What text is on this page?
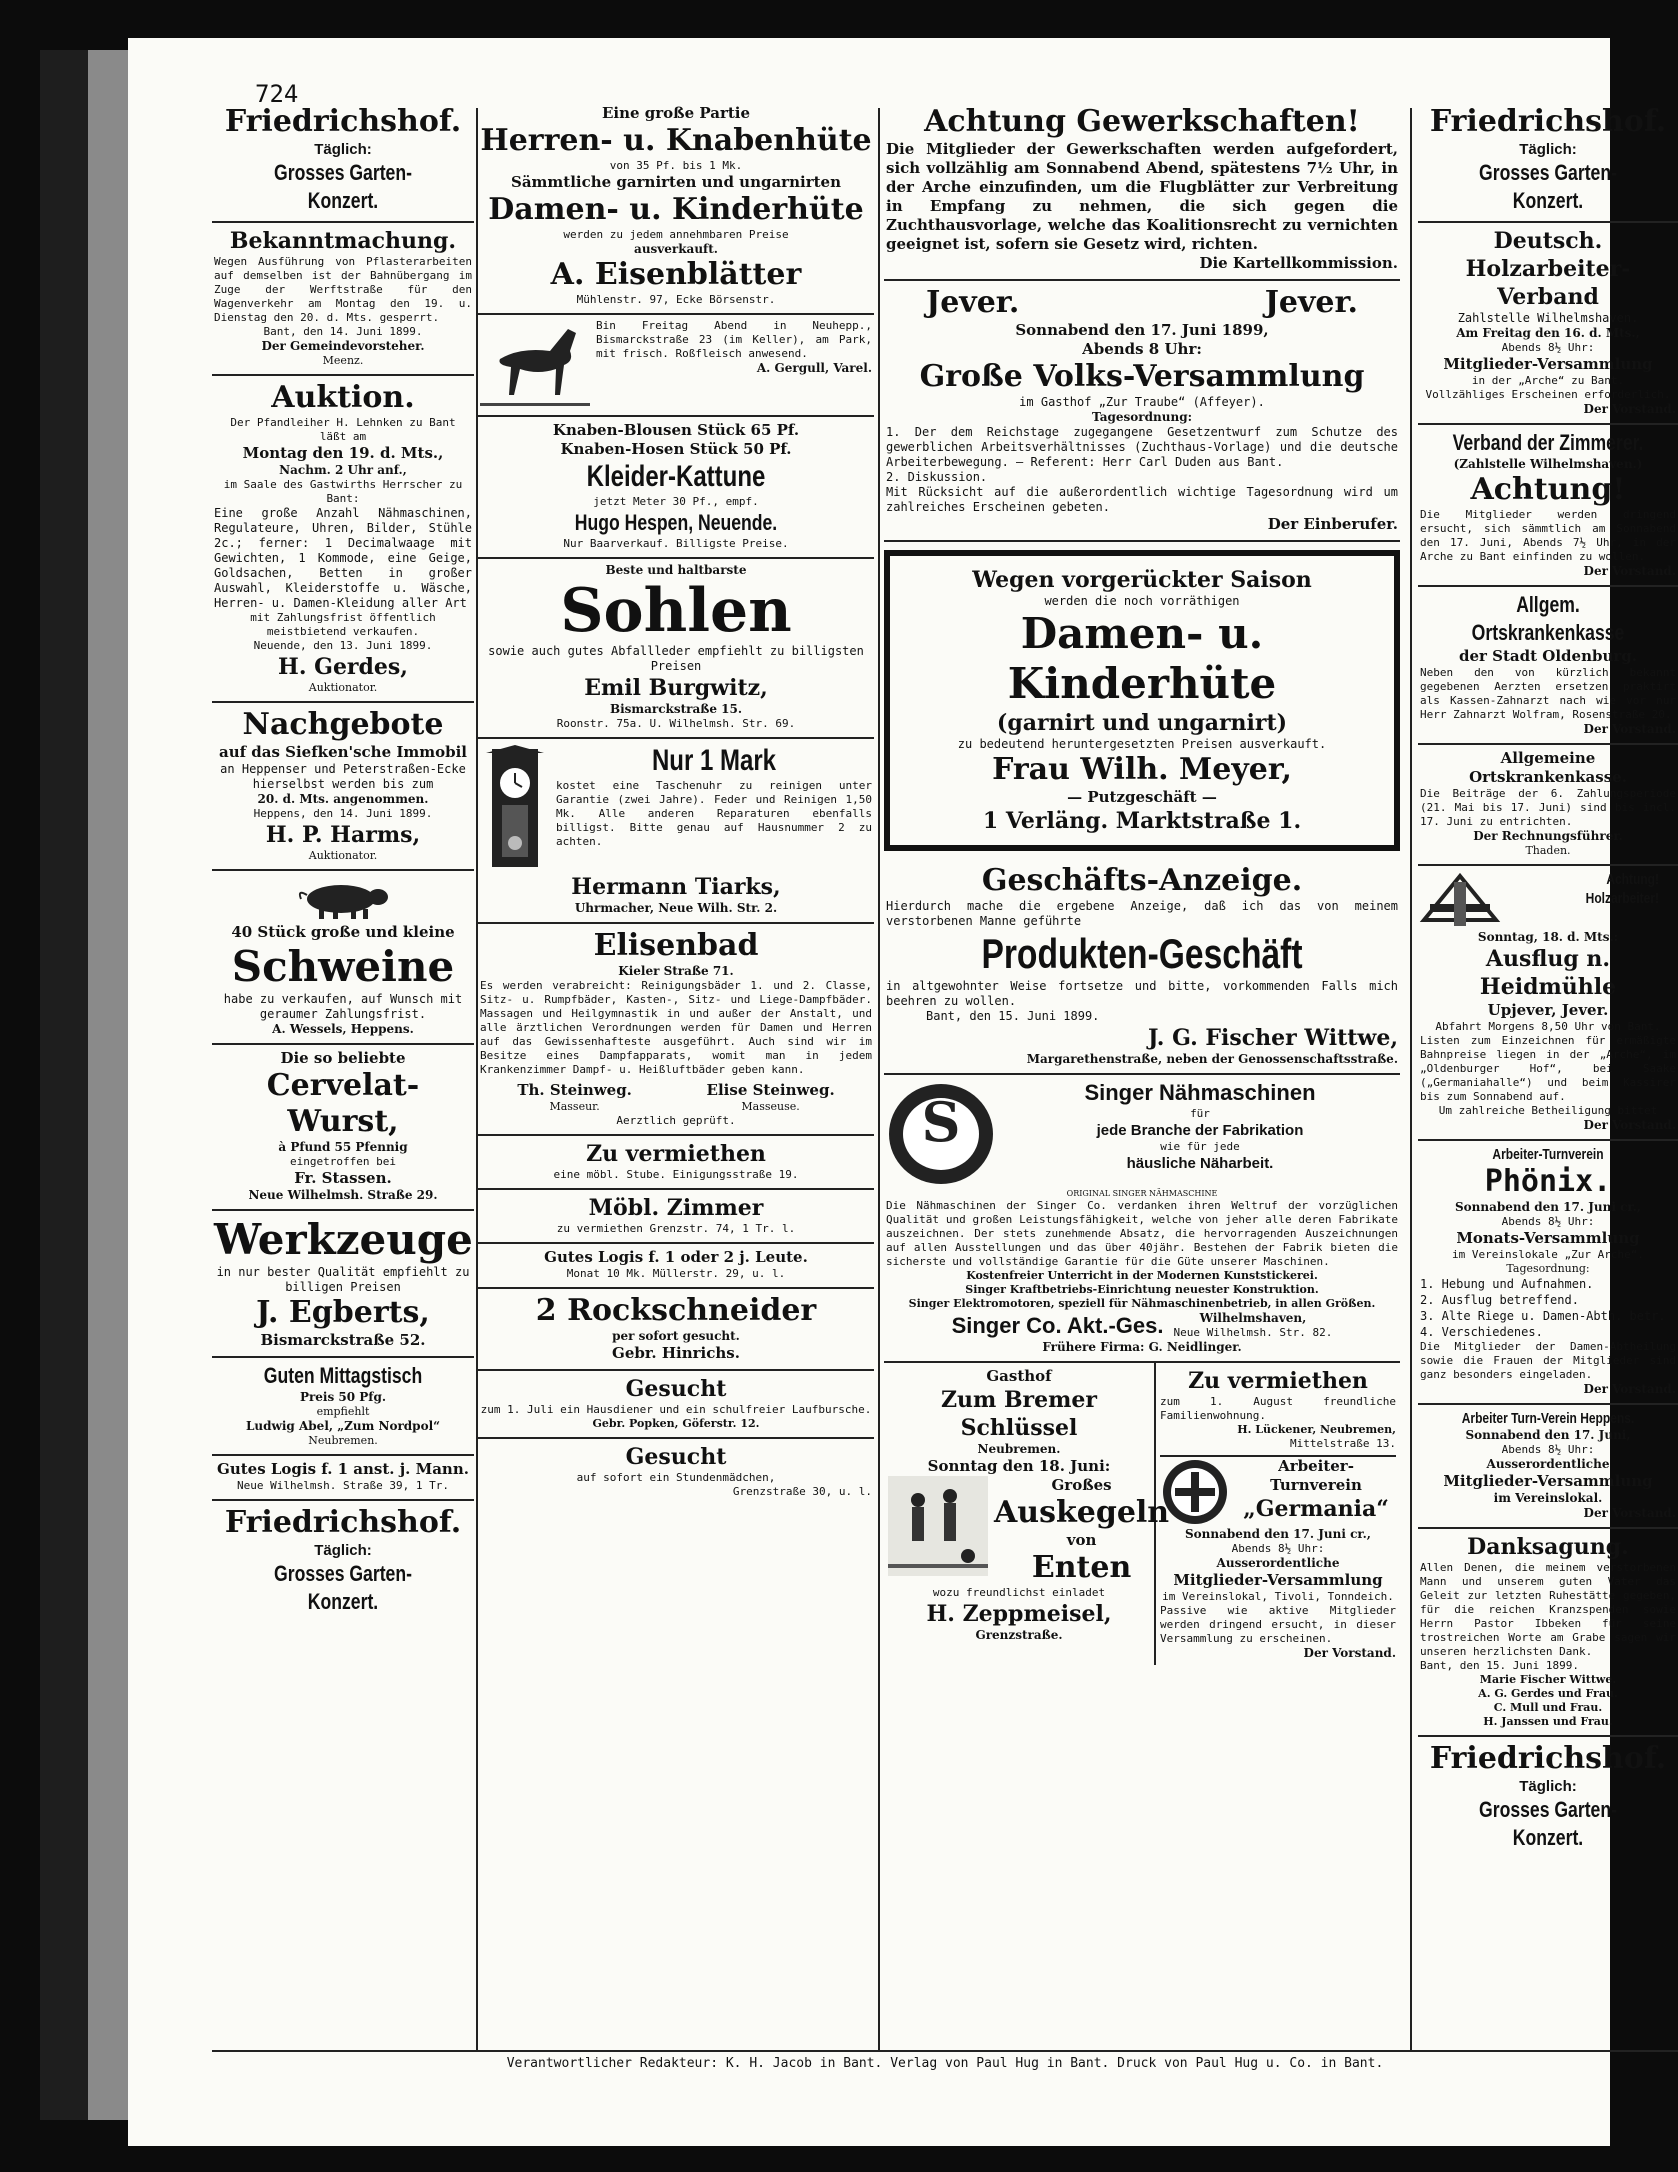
724
Friedrichshof.
Täglich:
Grosses Garten-Konzert.
Bekanntmachung.

Wegen Ausführung von Pflasterarbeiten auf demselben ist der Bahnübergang im Zuge der Werftstraße für den Wagenverkehr am Montag den 19. u. Dienstag den 20. d. Mts. gesperrt.

Bant, den 14. Juni 1899.

Der Gemeindevorsteher.

Meenz.

Auktion.

Der Pfandleiher H. Lehnken zu Bant läßt am

Montag den 19. d. Mts.,

Nachm. 2 Uhr anf.,

im Saale des Gastwirths Herrscher zu Bant:

Eine große Anzahl Nähmaschinen, Regulateure, Uhren, Bilder, Stühle 2c.; ferner: 1 Decimalwaage mit Gewichten, 1 Kommode, eine Geige, Goldsachen, Betten in großer Auswahl, Kleiderstoffe u. Wäsche, Herren- u. Damen-Kleidung aller Art

mit Zahlungsfrist öffentlich meistbietend verkaufen.

Neuende, den 13. Juni 1899.

H. Gerdes,

Auktionator.

Nachgebote

auf das Siefken'sche Immobil

an Heppenser und Peterstraßen-Ecke hierselbst werden bis zum

20. d. Mts. angenommen.

Heppens, den 14. Juni 1899.

H. P. Harms,

Auktionator.

40 Stück große und kleine

Schweine

habe zu verkaufen, auf Wunsch mit geraumer Zahlungsfrist.

A. Wessels, Heppens.

Die so beliebte

Cervelat-Wurst,

à Pfund 55 Pfennig

eingetroffen bei

Fr. Stassen.

Neue Wilhelmsh. Straße 29.

Werkzeuge

in nur bester Qualität empfiehlt zu billigen Preisen

J. Egberts,

Bismarckstraße 52.

Guten Mittagstisch

Preis 50 Pfg.

empfiehlt

Ludwig Abel, „Zum Nordpol“

Neubremen.

Gutes Logis f. 1 anst. j. Mann.

Neue Wilhelmsh. Straße 39, 1 Tr.

Friedrichshof.
Täglich:
Grosses Garten-Konzert.

Eine große Partie

Herren- u. Knabenhüte

von 35 Pf. bis 1 Mk.

Sämmtliche garnirten und ungarnirten

Damen- u. Kinderhüte

werden zu jedem annehmbaren Preise

ausverkauft.

A. Eisenblätter

Mühlenstr. 97, Ecke Börsenstr.

Bin Freitag Abend in Neuhepp., Bismarckstraße 23 (im Keller), am Park, mit frisch. Roßfleisch anwesend.

A. Gergull, Varel.

Knaben-Blousen Stück 65 Pf.

Knaben-Hosen Stück 50 Pf.

Kleider-Kattune

jetzt Meter 30 Pf., empf.

Hugo Hespen, Neuende.

Nur Baarverkauf. Billigste Preise.

Beste und haltbarste

Sohlen

sowie auch gutes Abfallleder empfiehlt zu billigsten Preisen

Emil Burgwitz,

Bismarckstraße 15.

Roonstr. 75a. U. Wilhelmsh. Str. 69.

Nur 1 Mark

kostet eine Taschenuhr zu reinigen unter Garantie (zwei Jahre). Feder und Reinigen 1,50 Mk. Alle anderen Reparaturen ebenfalls billigst. Bitte genau auf Hausnummer 2 zu achten.

Hermann Tiarks,

Uhrmacher, Neue Wilh. Str. 2.

Elisenbad

Kieler Straße 71.

Es werden verabreicht: Reinigungsbäder 1. und 2. Classe, Sitz- u. Rumpfbäder, Kasten-, Sitz- und Liege-Dampfbäder. Massagen und Heilgymnastik in und außer der Anstalt, und alle ärztlichen Verordnungen werden für Damen und Herren auf das Gewissenhafteste ausgeführt. Auch sind wir im Besitze eines Dampfapparats, womit man in jedem Krankenzimmer Dampf- u. Heißluftbäder geben kann.

Th. Steinweg.

Masseur.

Elise Steinweg.

Masseuse.

Aerztlich geprüft.

Zu vermiethen

eine möbl. Stube. Einigungsstraße 19.

Möbl. Zimmer

zu vermiethen Grenzstr. 74, 1 Tr. l.

Gutes Logis f. 1 oder 2 j. Leute.

Monat 10 Mk. Müllerstr. 29, u. l.

2 Rockschneider

per sofort gesucht.

Gebr. Hinrichs.

Gesucht

zum 1. Juli ein Hausdiener und ein schulfreier Laufbursche.

Gebr. Popken, Göferstr. 12.

Gesucht

auf sofort ein Stundenmädchen,

Grenzstraße 30, u. l.

Achtung Gewerkschaften!

Die Mitglieder der Gewerkschaften werden aufgefordert, sich vollzählig am Sonnabend Abend, spätestens 7½ Uhr, in der Arche einzufinden, um die Flugblätter zur Verbreitung in Empfang zu nehmen, die sich gegen die Zuchthausvorlage, welche das Koalitionsrecht zu vernichten geeignet ist, sofern sie Gesetz wird, richten.

Die Kartellkommission.

Jever.	Jever.

Sonnabend den 17. Juni 1899,

Abends 8 Uhr:

Große Volks-Versammlung

im Gasthof „Zur Traube“ (Affeyer).

Tagesordnung:

1. Der dem Reichstage zugegangene Gesetzentwurf zum Schutze des gewerblichen Arbeitsverhältnisses (Zuchthaus-Vorlage) und die deutsche Arbeiterbewegung. — Referent: Herr Carl Duden aus Bant.

2. Diskussion.

Mit Rücksicht auf die außerordentlich wichtige Tagesordnung wird um zahlreiches Erscheinen gebeten.

Der Einberufer.

Wegen vorgerückter Saison

werden die noch vorräthigen

Damen- u. Kinderhüte

(garnirt und ungarnirt)

zu bedeutend heruntergesetzten Preisen ausverkauft.

Frau Wilh. Meyer,

— Putzgeschäft —

1 Verläng. Marktstraße 1.

Geschäfts-Anzeige.

Hierdurch mache die ergebene Anzeige, daß ich das von meinem verstorbenen Manne geführte

Produkten-Geschäft

in altgewohnter Weise fortsetze und bitte, vorkommenden Falls mich beehren zu wollen.

Bant, den 15. Juni 1899.

J. G. Fischer Wittwe,

Margarethenstraße, neben der Genossenschaftsstraße.

S	Singer Nähmaschinen

für

jede Branche der Fabrikation

wie für jede

häusliche Näharbeit.

ORIGINAL SINGER NÄHMASCHINE

Die Nähmaschinen der Singer Co. verdanken ihren Weltruf der vorzüglichen Qualität und großen Leistungsfähigkeit, welche von jeher alle deren Fabrikate auszeichnen. Der stets zunehmende Absatz, die hervorragenden Auszeichnungen auf allen Ausstellungen und das über 40jähr. Bestehen der Fabrik bieten die sicherste und vollständige Garantie für die Güte unserer Maschinen.

Kostenfreier Unterricht in der Modernen Kunststickerei.

Singer Kraftbetriebs-Einrichtung neuester Konstruktion.

Singer Elektromotoren, speziell für Nähmaschinenbetrieb, in allen Größen.

Singer Co. Akt.-Ges.	Wilhelmshaven,
Neue Wilhelmsh. Str. 82.

Frühere Firma: G. Neidlinger.

Gasthof

Zum Bremer Schlüssel

Neubremen.

Sonntag den 18. Juni:

Großes

Auskegeln

von

Enten

wozu freundlichst einladet

H. Zeppmeisel,

Grenzstraße.

Zu vermiethen

zum 1. August freundliche Familienwohnung.

H. Lückener, Neubremen,

Mittelstraße 13.

Arbeiter-Turnverein

„Germania“

Sonnabend den 17. Juni cr.,

Abends 8½ Uhr:

Ausserordentliche

Mitglieder-Versammlung

im Vereinslokal, Tivoli, Tonndeich.

Passive wie aktive Mitglieder werden dringend ersucht, in dieser Versammlung zu erscheinen.

Der Vorstand.

Friedrichshof.
Täglich:
Grosses Garten-Konzert.
Deutsch. Holzarbeiter-Verband

Zahlstelle Wilhelmshaven.

Am Freitag den 16. d. Mts.,

Abends 8½ Uhr:

Mitglieder-Versammlung

in der „Arche“ zu Bant.

Vollzähliges Erscheinen erforderlich.

Der Vorstand.

Verband der Zimmerer.

(Zahlstelle Wilhelmshaven.)

Achtung!

Die Mitglieder werden dringend ersucht, sich sämmtlich am Sonnabend den 17. Juni, Abends 7½ Uhr, in der Arche zu Bant einfinden zu wollen.

Der Vorstand.

Allgem. Ortskrankenkasse

der Stadt Oldenburg.

Neben den von kürzlich bekannt gegebenen Aerzten ersetzen praktirt als Kassen-Zahnarzt nach wie vor nur Herr Zahnarzt Wolfram, Rosenstraße 20.

Der Vorstand.

Allgemeine Ortskrankenkasse.

Die Beiträge der 6. Zahlungsperiode (21. Mai bis 17. Juni) sind bis incl. 17. Juni zu entrichten.

Der Rechnungsführer.

Thaden.

Achtung!

Holzarbeiter!

Sonntag, 18. d. Mts.:

Ausflug n. Heidmühle

Upjever, Jever.

Abfahrt Morgens 8,50 Uhr von Bant.

Listen zum Einzeichnen für ermäßigte Bahnpreise liegen in der „Arche“, im „Oldenburger Hof“, bei Saake („Germaniahalle“) und beim Kassirer bis zum Sonnabend auf.

Um zahlreiche Betheiligung bittet

Der Vorstand.

Arbeiter-Turnverein

Phönix.

Sonnabend den 17. Juni cr.,

Abends 8½ Uhr:

Monats-Versammlung

im Vereinslokale „Zur Arche“.

Tagesordnung:

1. Hebung und Aufnahmen.
2. Ausflug betreffend.
3. Alte Riege u. Damen-Abth. betr.
4. Verschiedenes.

Die Mitglieder der Damen-Abtheilung sowie die Frauen der Mitglieder sind ganz besonders eingeladen.

Der Vorstand.

Arbeiter Turn-Verein Heppens.

Sonnabend den 17. Juni,

Abends 8½ Uhr:

Ausserordentliche

Mitglieder-Versammlung

im Vereinslokal.

Der Vorstand.

Danksagung.

Allen Denen, die meinem verstorbenen Mann und unserem guten Vater das Geleit zur letzten Ruhestätte gegeben, für die reichen Kranzspenden sowie Herrn Pastor Ibbeken für seine trostreichen Worte am Grabe sagen wir unseren herzlichsten Dank.

Bant, den 15. Juni 1899.

Marie Fischer Wittwe.

A. G. Gerdes und Frau.

C. Mull und Frau.

H. Janssen und Frau.

Friedrichshof.
Täglich:
Grosses Garten-Konzert.
Verantwortlicher Redakteur: K. H. Jacob in Bant. Verlag von Paul Hug in Bant. Druck von Paul Hug u. Co. in Bant.
